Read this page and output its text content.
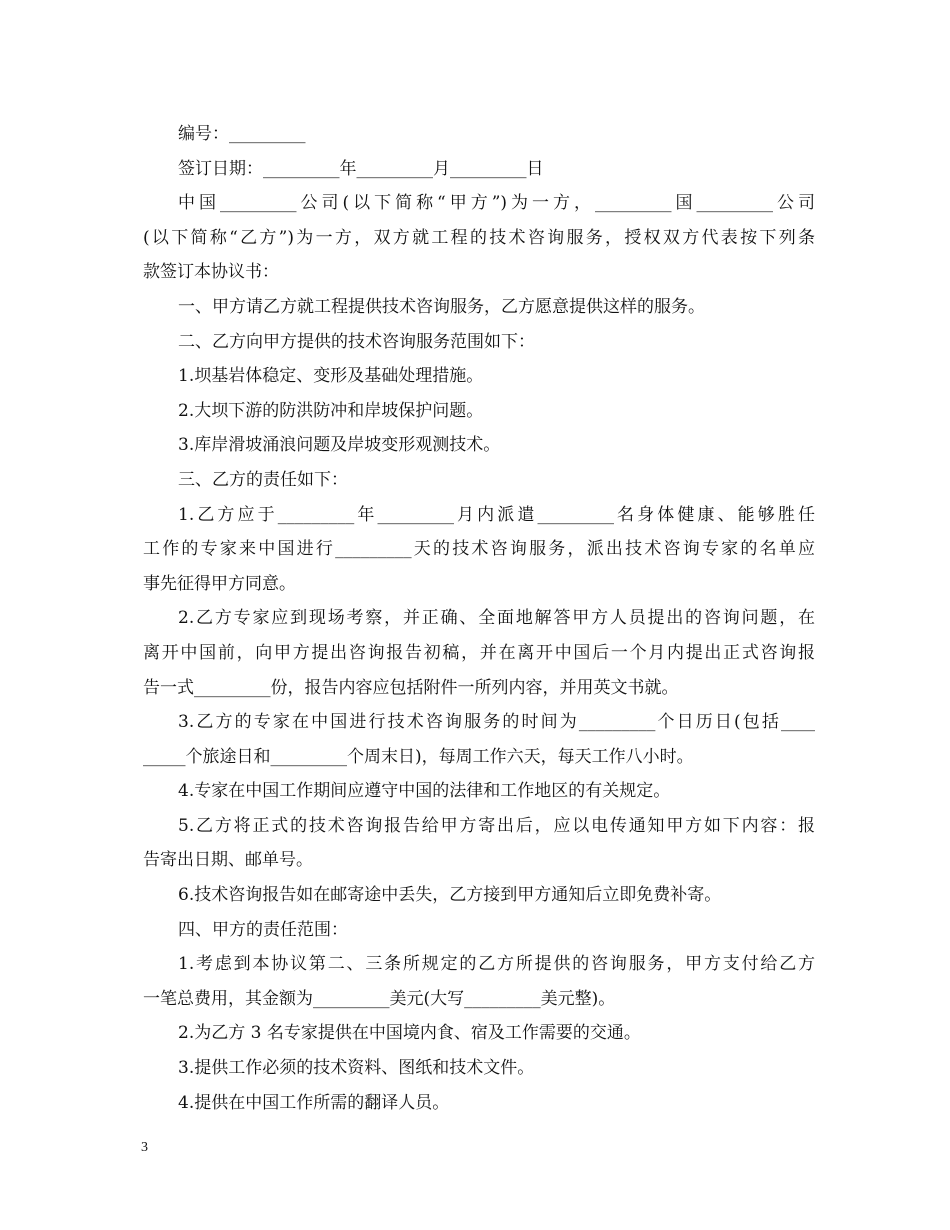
编号：_________
签订日期：_________年_________月_________日
中国_________公司(以下简称“甲方”)为一方，_________国_________公司
(以下简称“乙方”)为一方，双方就工程的技术咨询服务，授权双方代表按下列条
款签订本协议书：
一、甲方请乙方就工程提供技术咨询服务，乙方愿意提供这样的服务。
二、乙方向甲方提供的技术咨询服务范围如下：
1.坝基岩体稳定、变形及基础处理措施。
2.大坝下游的防洪防冲和岸坡保护问题。
3.库岸滑坡涌浪问题及岸坡变形观测技术。
三、乙方的责任如下：
1.乙方应于_________年_________月内派遣_________名身体健康、能够胜任
工作的专家来中国进行_________天的技术咨询服务，派出技术咨询专家的名单应
事先征得甲方同意。
2.乙方专家应到现场考察，并正确、全面地解答甲方人员提出的咨询问题，在
离开中国前，向甲方提出咨询报告初稿，并在离开中国后一个月内提出正式咨询报
告一式_________份，报告内容应包括附件一所列内容，并用英文书就。
3.乙方的专家在中国进行技术咨询服务的时间为_________个日历日(包括____
_____个旅途日和_________个周末日)，每周工作六天，每天工作八小时。
4.专家在中国工作期间应遵守中国的法律和工作地区的有关规定。
5.乙方将正式的技术咨询报告给甲方寄出后，应以电传通知甲方如下内容：报
告寄出日期、邮单号。
6.技术咨询报告如在邮寄途中丢失，乙方接到甲方通知后立即免费补寄。
四、甲方的责任范围：
1.考虑到本协议第二、三条所规定的乙方所提供的咨询服务，甲方支付给乙方
一笔总费用，其金额为_________美元(大写_________美元整)。
2.为乙方 3 名专家提供在中国境内食、宿及工作需要的交通。
3.提供工作必须的技术资料、图纸和技术文件。
4.提供在中国工作所需的翻译人员。
3
